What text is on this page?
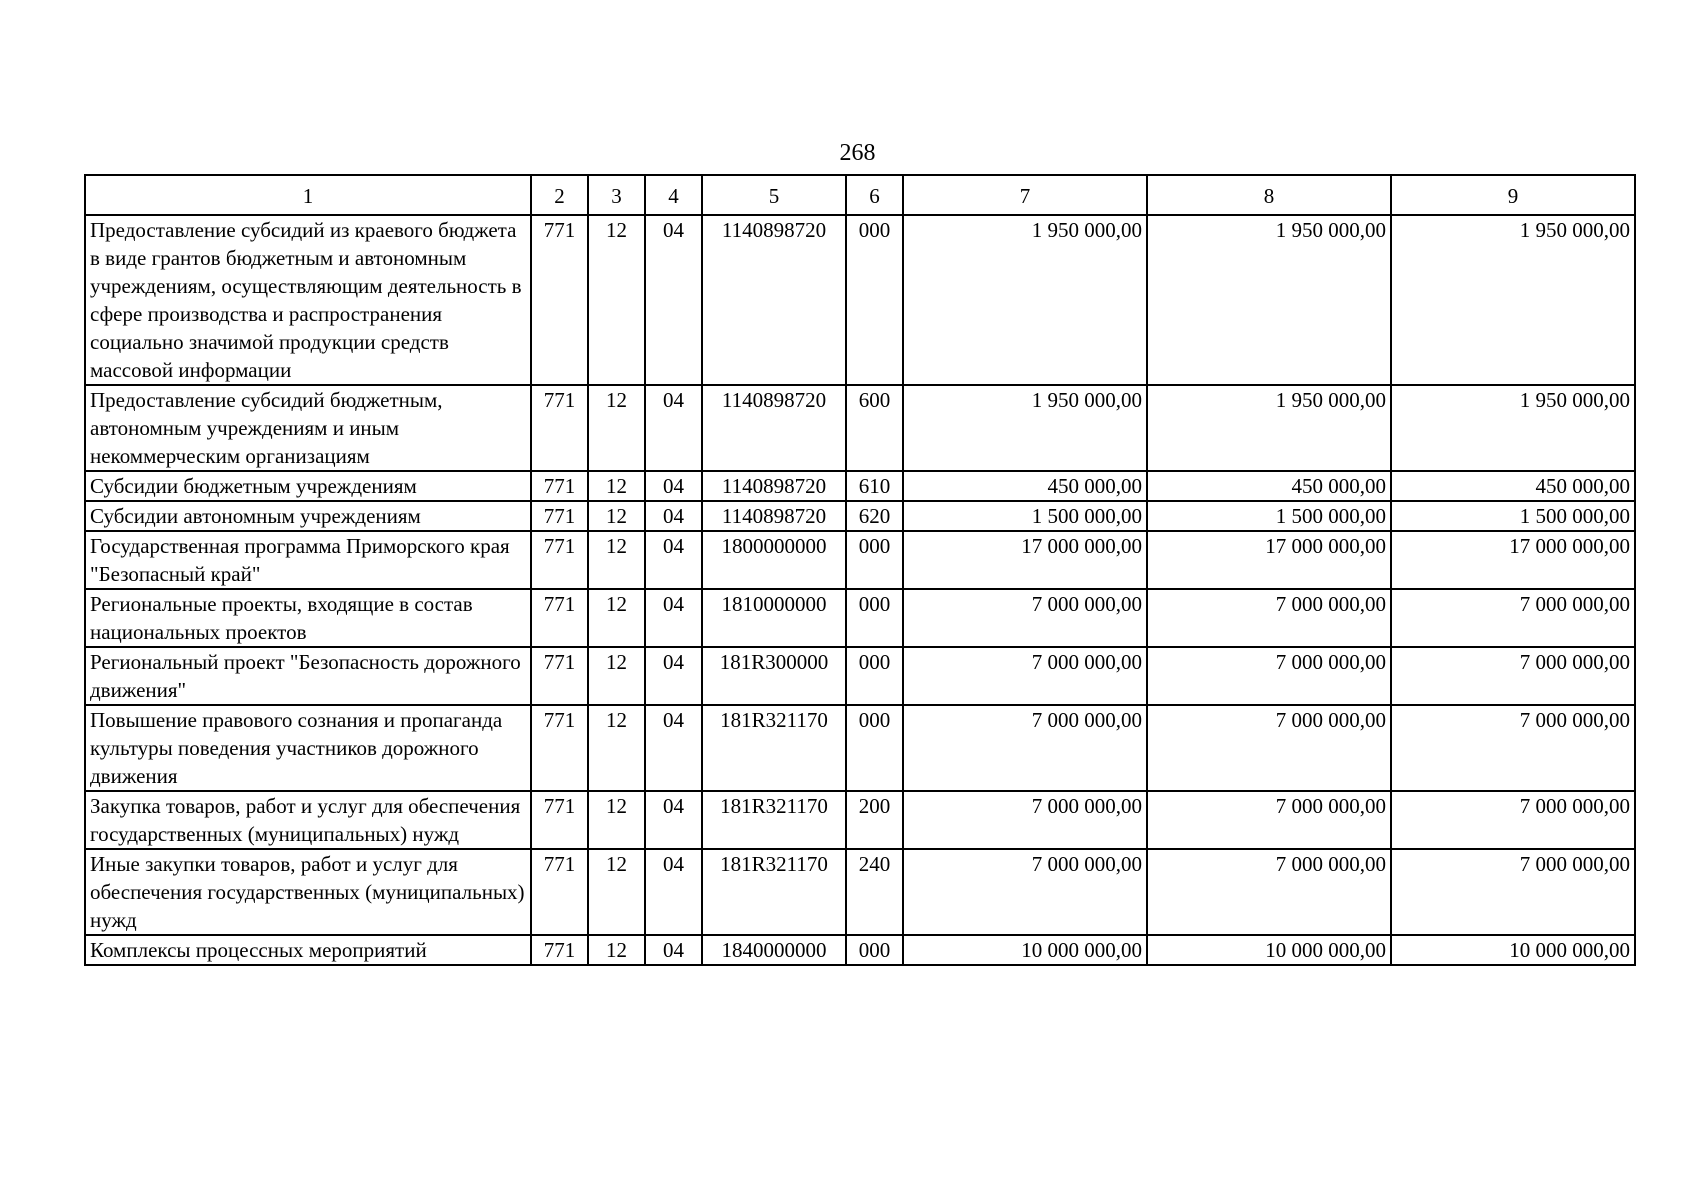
268
1	2	3	4	5	6	7	8	9
Предоставление субсидий из краевого бюджета в виде грантов бюджетным и автономным учреждениям, осуществляющим деятельность в сфере производства и распространения социально значимой продукции средств массовой информации	771	12	04	1140898720	000	1 950 000,00	1 950 000,00	1 950 000,00
Предоставление субсидий бюджетным, автономным учреждениям и иным некоммерческим организациям	771	12	04	1140898720	600	1 950 000,00	1 950 000,00	1 950 000,00
Субсидии бюджетным учреждениям	771	12	04	1140898720	610	450 000,00	450 000,00	450 000,00
Субсидии автономным учреждениям	771	12	04	1140898720	620	1 500 000,00	1 500 000,00	1 500 000,00
Государственная программа Приморского края "Безопасный край"	771	12	04	1800000000	000	17 000 000,00	17 000 000,00	17 000 000,00
Региональные проекты, входящие в состав национальных проектов	771	12	04	1810000000	000	7 000 000,00	7 000 000,00	7 000 000,00
Региональный проект "Безопасность дорожного движения"	771	12	04	181R300000	000	7 000 000,00	7 000 000,00	7 000 000,00
Повышение правового сознания и пропаганда культуры поведения участников дорожного движения	771	12	04	181R321170	000	7 000 000,00	7 000 000,00	7 000 000,00
Закупка товаров, работ и услуг для обеспечения государственных (муниципальных) нужд	771	12	04	181R321170	200	7 000 000,00	7 000 000,00	7 000 000,00
Иные закупки товаров, работ и услуг для обеспечения государственных (муниципальных) нужд	771	12	04	181R321170	240	7 000 000,00	7 000 000,00	7 000 000,00
Комплексы процессных мероприятий	771	12	04	1840000000	000	10 000 000,00	10 000 000,00	10 000 000,00
